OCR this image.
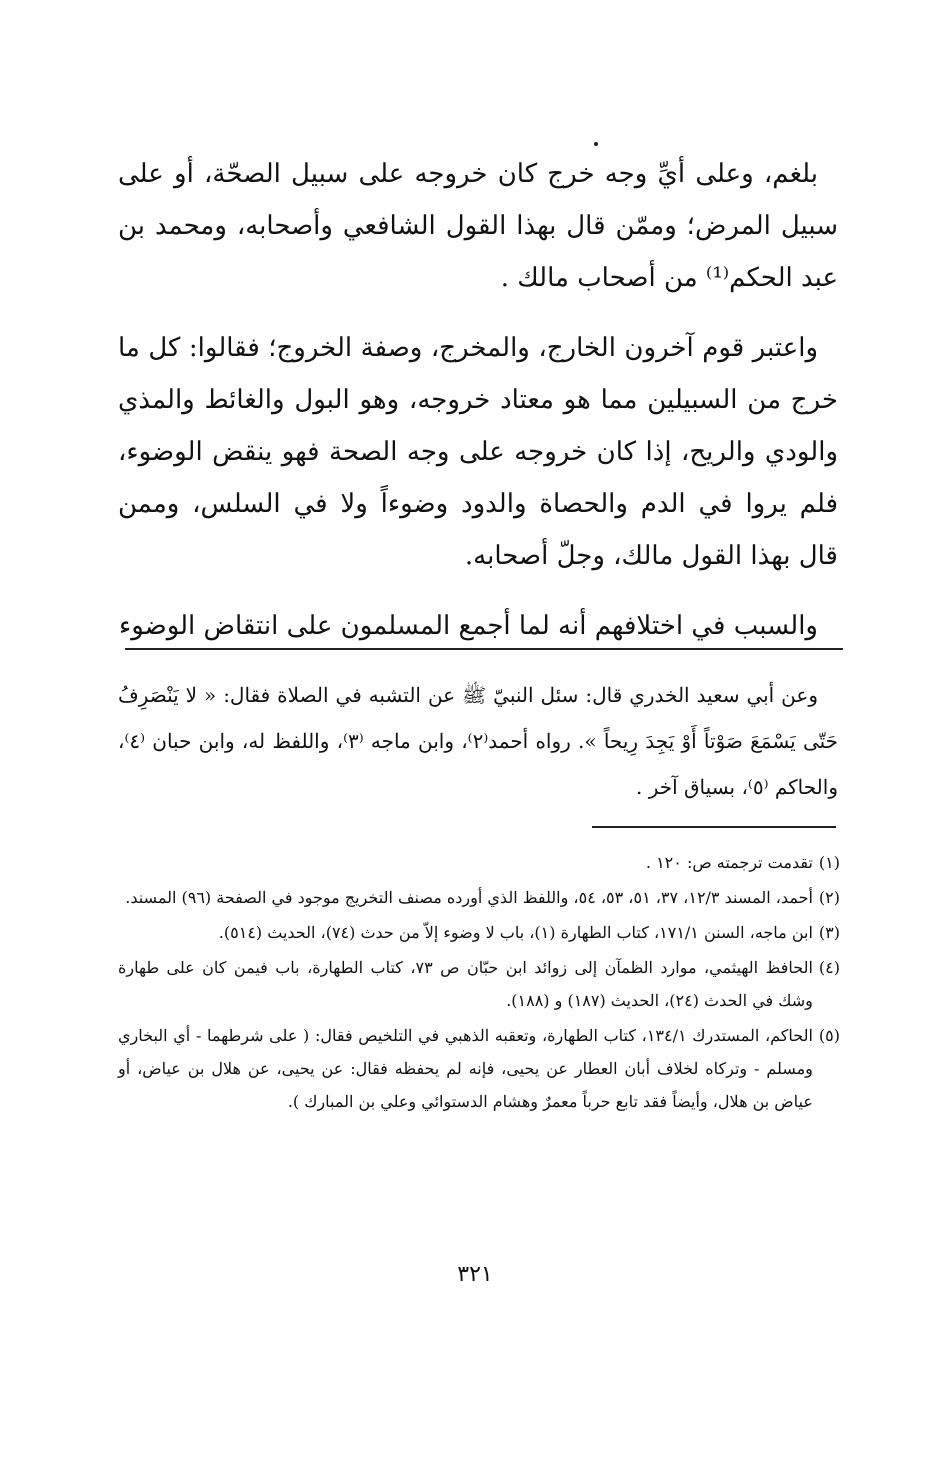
بلغم، وعلى أيِّ وجه خرج كان خروجه على سبيل الصحّة، أو على سبيل المرض؛ وممّن قال بهذا القول الشافعي وأصحابه، ومحمد بن عبد الحكم⁽¹⁾ من أصحاب مالك .

واعتبر قوم آخرون الخارج، والمخرج، وصفة الخروج؛ فقالوا: كل ما خرج من السبيلين مما هو معتاد خروجه، وهو البول والغائط والمذي والودي والريح، إذا كان خروجه على وجه الصحة فهو ينقض الوضوء، فلم يروا في الدم والحصاة والدود وضوءاً ولا في السلس، وممن قال بهذا القول مالك، وجلّ أصحابه.

والسبب في اختلافهم أنه لما أجمع المسلمون على انتقاض الوضوء

وعن أبي سعيد الخدري قال: سئل النبيّ ﷺ عن التشبه في الصلاة فقال: « لا يَنْصَرِفُ حَتّى يَسْمَعَ صَوْتاً أَوْ يَجِدَ رِيحاً ». رواه أحمد⁽٢⁾، وابن ماجه ⁽٣⁾، واللفظ له، وابن حبان ⁽٤⁾، والحاكم ⁽٥⁾، بسياق آخر .

(١)
تقدمت ترجمته ص: ١٢٠ .
(٢)
أحمد، المسند ١٢/٣، ٣٧، ٥١، ٥٣، ٥٤، واللفظ الذي أورده مصنف التخريج موجود في الصفحة (٩٦) المسند.
(٣)
ابن ماجه، السنن ١٧١/١، كتاب الطهارة (١)، باب لا وضوء إلاّ من حدث (٧٤)، الحديث (٥١٤).
(٤)
الحافظ الهيثمي، موارد الظمآن إلى زوائد ابن حبّان ص ٧٣، كتاب الطهارة، باب فيمن كان على طهارة وشك في الحدث (٢٤)، الحديث (١٨٧) و (١٨٨).
(٥)
الحاكم، المستدرك ١٣٤/١، كتاب الطهارة، وتعقبه الذهبي في التلخيص فقال: ( على شرطهما - أي البخاري ومسلم - وتركاه لخلاف أبان العطار عن يحيى، فإنه لم يحفظه فقال: عن يحيى، عن هلال بن عياض، أو عياض بن هلال، وأيضاً فقد تابع حرباً معمرٌ وهشام الدستوائي وعلي بن المبارك ).
٣٢١
